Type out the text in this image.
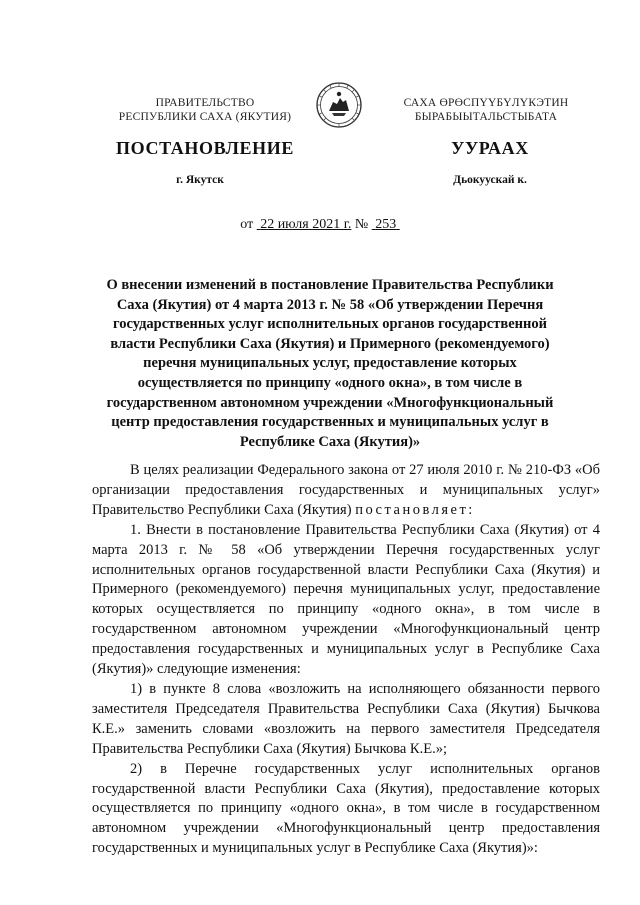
ПРАВИТЕЛЬСТВО
РЕСПУБЛИКИ САХА (ЯКУТИЯ)
САХА ӨРӨСПҮҮБҮЛҮКЭТИН
БЫРАБЫЫТАЛЬСТЫБАТА
ПОСТАНОВЛЕНИЕ	УУРААХ
г. Якутск	Дьокуускай к.
от 22 июля 2021 г. № 253
О внесении изменений в постановление Правительства Республики Саха (Якутия) от 4 марта 2013 г. № 58 «Об утверждении Перечня государственных услуг исполнительных органов государственной власти Республики Саха (Якутия) и Примерного (рекомендуемого) перечня муниципальных услуг, предоставление которых осуществляется по принципу «одного окна», в том числе в государственном автономном учреждении «Многофункциональный центр предоставления государственных и муниципальных услуг в Республике Саха (Якутия)»

В целях реализации Федерального закона от 27 июля 2010 г. № 210-ФЗ «Об организации предоставления государственных и муниципальных услуг» Правительство Республики Саха (Якутия) постановляет:

1. Внести в постановление Правительства Республики Саха (Якутия) от 4 марта 2013 г. № 58 «Об утверждении Перечня государственных услуг исполнительных органов государственной власти Республики Саха (Якутия) и Примерного (рекомендуемого) перечня муниципальных услуг, предоставление которых осуществляется по принципу «одного окна», в том числе в государственном автономном учреждении «Многофункциональный центр предоставления государственных и муниципальных услуг в Республике Саха (Якутия)» следующие изменения:

1) в пункте 8 слова «возложить на исполняющего обязанности первого заместителя Председателя Правительства Республики Саха (Якутия) Бычкова К.Е.» заменить словами «возложить на первого заместителя Председателя Правительства Республики Саха (Якутия) Бычкова К.Е.»;

2) в Перечне государственных услуг исполнительных органов государственной власти Республики Саха (Якутия), предоставление которых осуществляется по принципу «одного окна», в том числе в государственном автономном учреждении «Многофункциональный центр предоставления государственных и муниципальных услуг в Республике Саха (Якутия)»:
